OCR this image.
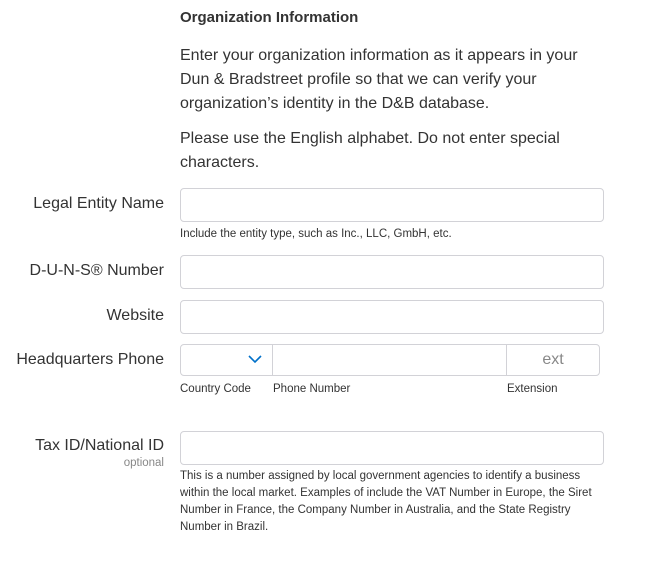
Organization Information
Enter your organization information as it appears in your Dun & Bradstreet profile so that we can verify your organization’s identity in the D&B database.
Please use the English alphabet. Do not enter special characters.
Legal Entity Name
Include the entity type, such as Inc., LLC, GmbH, etc.
D-U-N-S® Number
Website
Headquarters Phone	ext
Country Code Phone Number	Extension
Tax ID/National ID
optional
This is a number assigned by local government agencies to identify a business within the local market. Examples of include the VAT Number in Europe, the Siret Number in France, the Company Number in Australia, and the State Registry Number in Brazil.
